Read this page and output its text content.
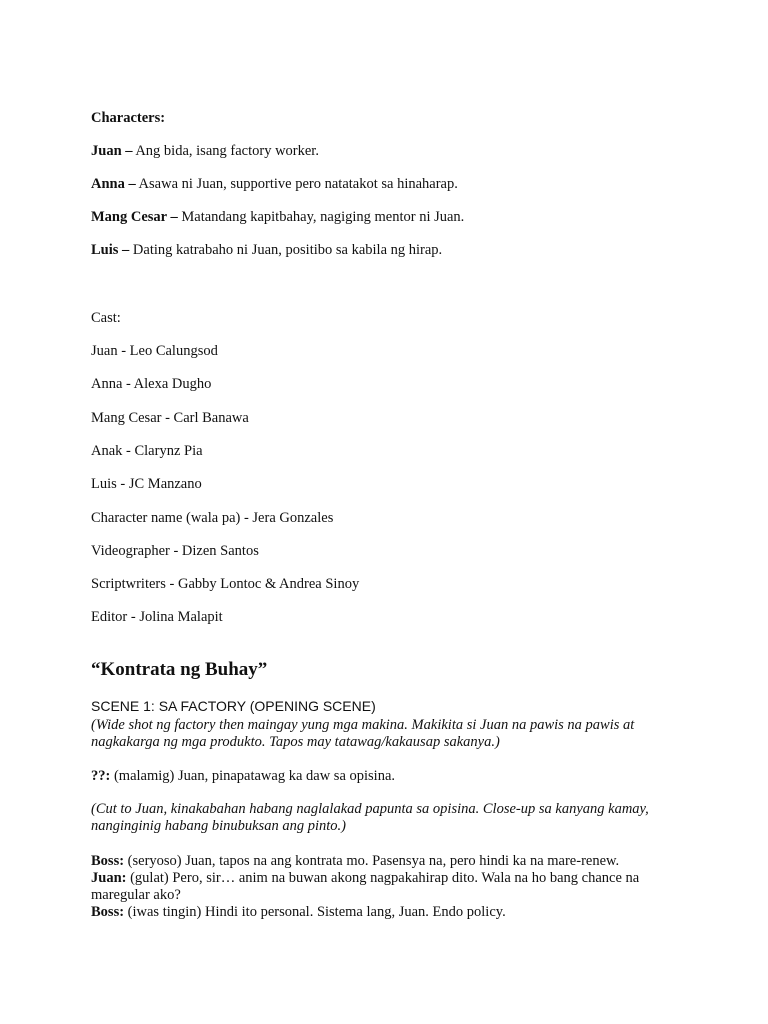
Characters:

Juan – Ang bida, isang factory worker.

Anna – Asawa ni Juan, supportive pero natatakot sa hinaharap.

Mang Cesar – Matandang kapitbahay, nagiging mentor ni Juan.

Luis – Dating katrabaho ni Juan, positibo sa kabila ng hirap.

Cast:

Juan - Leo Calungsod

Anna - Alexa Dugho

Mang Cesar - Carl Banawa

Anak - Clarynz Pia

Luis - JC Manzano

Character name (wala pa) - Jera Gonzales

Videographer - Dizen Santos

Scriptwriters - Gabby Lontoc & Andrea Sinoy

Editor - Jolina Malapit

“Kontrata ng Buhay”

SCENE 1: SA FACTORY (OPENING SCENE)

(Wide shot ng factory then maingay yung mga makina. Makikita si Juan na pawis na pawis at
nagkakarga ng mga produkto. Tapos may tatawag/kakausap sakanya.)

??: (malamig) Juan, pinapatawag ka daw sa opisina.

(Cut to Juan, kinakabahan habang naglalakad papunta sa opisina. Close-up sa kanyang kamay,
nanginginig habang binubuksan ang pinto.)
Boss: (seryoso) Juan, tapos na ang kontrata mo. Pasensya na, pero hindi ka na mare-renew.
Juan: (gulat) Pero, sir… anim na buwan akong nagpakahirap dito. Wala na ho bang chance na
maregular ako?
Boss: (iwas tingin) Hindi ito personal. Sistema lang, Juan. Endo policy.
